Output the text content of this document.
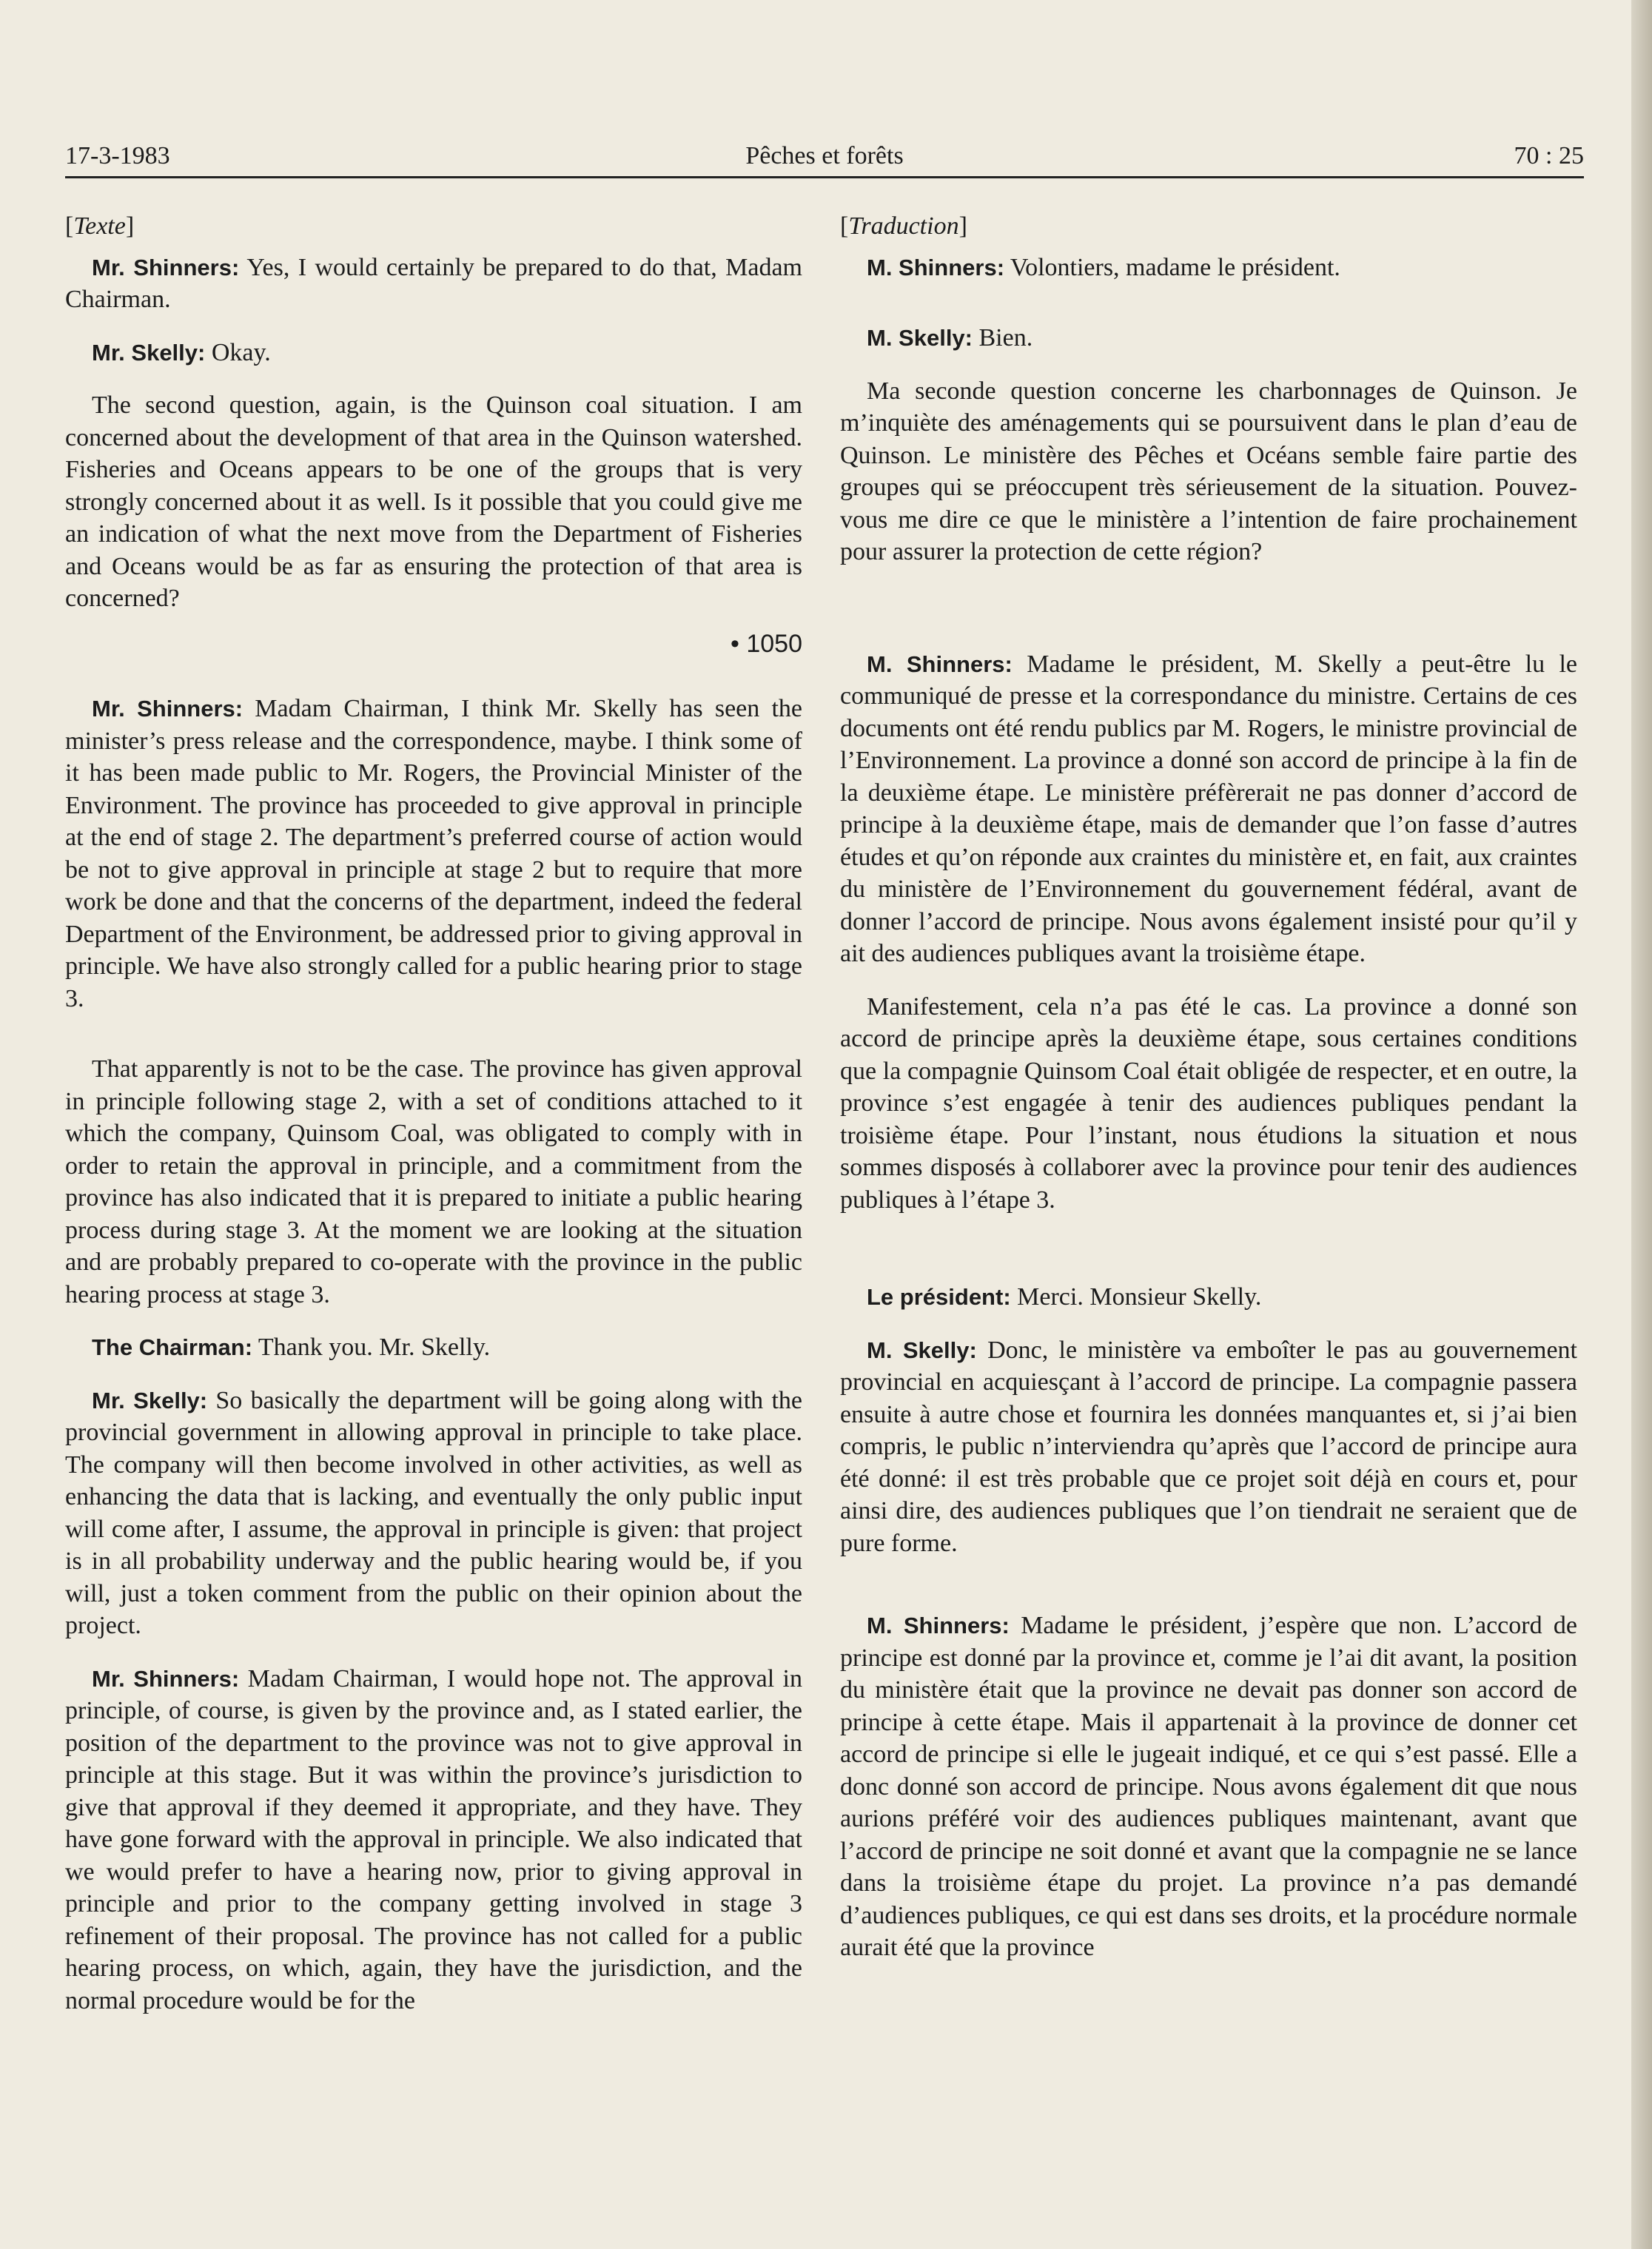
17-3-1983	Pêches et forêts	70 : 25

[Texte]

Mr. Shinners: Yes, I would certainly be prepared to do that, Madam Chairman.

Mr. Skelly: Okay.

The second question, again, is the Quinson coal situation. I am concerned about the development of that area in the Quinson watershed. Fisheries and Oceans appears to be one of the groups that is very strongly concerned about it as well. Is it possible that you could give me an indication of what the next move from the Department of Fisheries and Oceans would be as far as ensuring the protection of that area is concerned?

• 1050

Mr. Shinners: Madam Chairman, I think Mr. Skelly has seen the minister’s press release and the correspondence, maybe. I think some of it has been made public to Mr. Rogers, the Provincial Minister of the Environment. The province has proceeded to give approval in principle at the end of stage 2. The department’s preferred course of action would be not to give approval in principle at stage 2 but to require that more work be done and that the concerns of the department, indeed the federal Department of the Environment, be addressed prior to giving approval in principle. We have also strongly called for a public hearing prior to stage 3.

That apparently is not to be the case. The province has given approval in principle following stage 2, with a set of conditions attached to it which the company, Quinsom Coal, was obligated to comply with in order to retain the approval in principle, and a commitment from the province has also indicated that it is prepared to initiate a public hearing process during stage 3. At the moment we are looking at the situation and are probably prepared to co-operate with the province in the public hearing process at stage 3.

The Chairman: Thank you. Mr. Skelly.

Mr. Skelly: So basically the department will be going along with the provincial government in allowing approval in principle to take place. The company will then become involved in other activities, as well as enhancing the data that is lacking, and eventually the only public input will come after, I assume, the approval in principle is given: that project is in all probability underway and the public hearing would be, if you will, just a token comment from the public on their opinion about the project.

Mr. Shinners: Madam Chairman, I would hope not. The approval in principle, of course, is given by the province and, as I stated earlier, the position of the department to the province was not to give approval in principle at this stage. But it was within the province’s jurisdiction to give that approval if they deemed it appropriate, and they have. They have gone forward with the approval in principle. We also indicated that we would prefer to have a hearing now, prior to giving approval in principle and prior to the company getting involved in stage 3 refinement of their proposal. The province has not called for a public hearing process, on which, again, they have the jurisdiction, and the normal procedure would be for the

[Traduction]

M. Shinners: Volontiers, madame le président.

M. Skelly: Bien.

Ma seconde question concerne les charbonnages de Quinson. Je m’inquiète des aménagements qui se poursuivent dans le plan d’eau de Quinson. Le ministère des Pêches et Océans semble faire partie des groupes qui se préoccupent très sérieusement de la situation. Pouvez-vous me dire ce que le ministère a l’intention de faire prochainement pour assurer la protection de cette région?

M. Shinners: Madame le président, M. Skelly a peut-être lu le communiqué de presse et la correspondance du ministre. Certains de ces documents ont été rendu publics par M. Rogers, le ministre provincial de l’Environnement. La province a donné son accord de principe à la fin de la deuxième étape. Le ministère préfèrerait ne pas donner d’accord de principe à la deuxième étape, mais de demander que l’on fasse d’autres études et qu’on réponde aux craintes du ministère et, en fait, aux craintes du ministère de l’Environnement du gouvernement fédéral, avant de donner l’accord de principe. Nous avons également insisté pour qu’il y ait des audiences publiques avant la troisième étape.

Manifestement, cela n’a pas été le cas. La province a donné son accord de principe après la deuxième étape, sous certaines conditions que la compagnie Quinsom Coal était obligée de respecter, et en outre, la province s’est engagée à tenir des audiences publiques pendant la troisième étape. Pour l’instant, nous étudions la situation et nous sommes disposés à collaborer avec la province pour tenir des audiences publiques à l’étape 3.

Le président: Merci. Monsieur Skelly.

M. Skelly: Donc, le ministère va emboîter le pas au gouvernement provincial en acquiesçant à l’accord de principe. La compagnie passera ensuite à autre chose et fournira les données manquantes et, si j’ai bien compris, le public n’interviendra qu’après que l’accord de principe aura été donné: il est très probable que ce projet soit déjà en cours et, pour ainsi dire, des audiences publiques que l’on tiendrait ne seraient que de pure forme.

M. Shinners: Madame le président, j’espère que non. L’accord de principe est donné par la province et, comme je l’ai dit avant, la position du ministère était que la province ne devait pas donner son accord de principe à cette étape. Mais il appartenait à la province de donner cet accord de principe si elle le jugeait indiqué, et ce qui s’est passé. Elle a donc donné son accord de principe. Nous avons également dit que nous aurions préféré voir des audiences publiques maintenant, avant que l’accord de principe ne soit donné et avant que la compagnie ne se lance dans la troisième étape du projet. La province n’a pas demandé d’audiences publiques, ce qui est dans ses droits, et la procédure normale aurait été que la province
